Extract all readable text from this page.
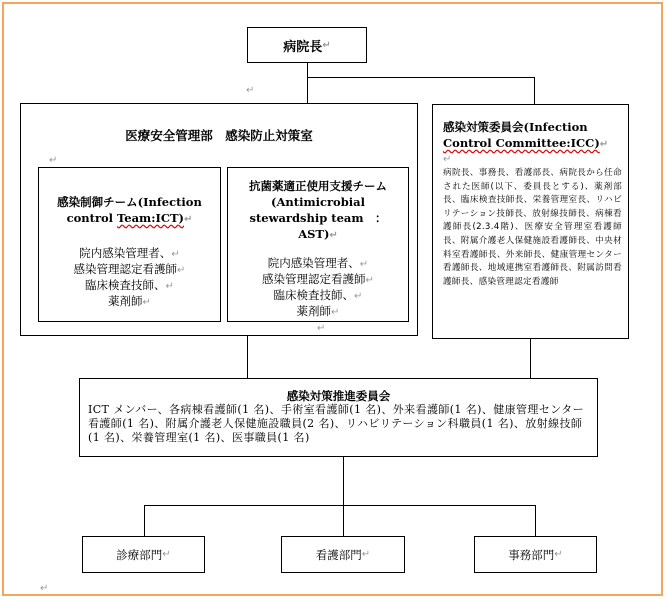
↵
↵
病院長 ↵
医療安全管理部　感染防止対策室
↵
↵
感染制御チーム(Infection
control Team:ICT)↵
院内感染管理者、↵
感染管理認定看護師↵
臨床検査技師、↵
薬剤師↵
抗菌薬適正使用支援チーム
(Antimicrobial
stewardship team　：
AST)↵
院内感染管理者、↵
感染管理認定看護師↵
臨床検査技師、↵
薬剤師↵
感染対策委員会(Infection
Control Committee:ICC)↵
↵
病院長、事務長、看護部長、病院長から任命された医師(以下、委員長とする)、薬剤部長、臨床検査技師長、栄養管理室長、リハビリテーション技師長、放射線技師長、病棟看護師長(2.3.4階)、医療安全管理室看護師長、附属介護老人保健施設看護師長、中央材料室看護師長、外来師長、健康管理センター看護師長、地域連携室看護師長、附属訪問看護師長、感染管理認定看護師
感染対策推進委員会
ICT メンバー、各病棟看護師(1 名)、手術室看護師(1 名)、外来看護師(1 名)、健康管理センター看護師(1 名)、附属介護老人保健施設職員(2 名)、リハビリテーション科職員(1 名)、放射線技師(1 名)、栄養管理室(1 名)、医事職員(1 名)
診療部門 ↵	看護部門 ↵	事務部門 ↵
